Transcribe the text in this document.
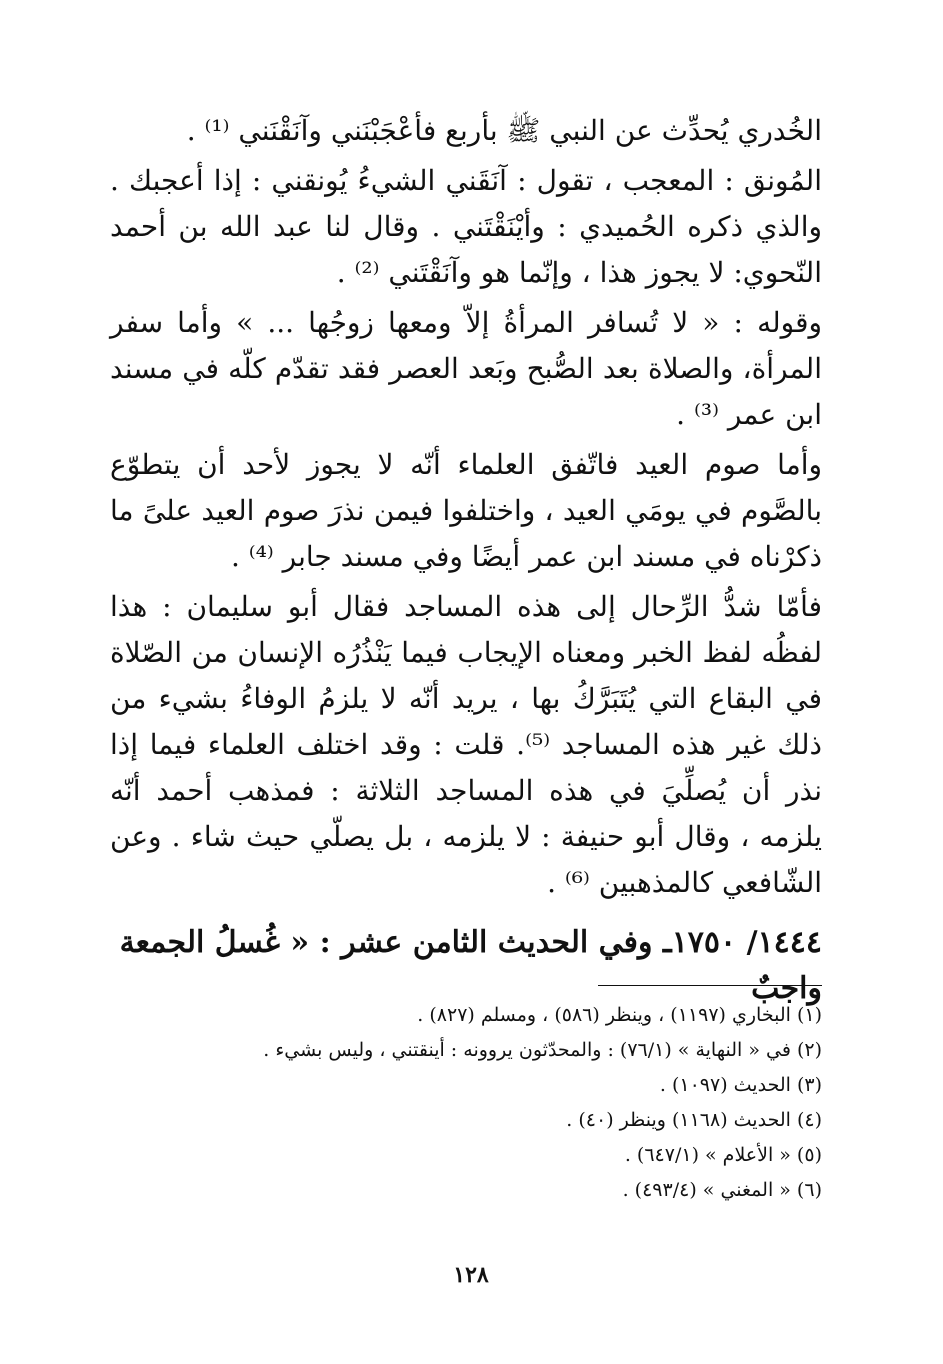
الخُدري يُحدِّث عن النبي ﷺ بأربع فأعْجَبْنَني وآنَقْنَني ⁽¹⁾ .

المُونق : المعجب ، تقول : آنَقَني الشيءُ يُونقني : إذا أعجبك . والذي ذكره الحُميدي : وأيْنَقْتَني . وقال لنا عبد الله بن أحمد النّحوي: لا يجوز هذا ، وإنّما هو وآنَقْتَني ⁽²⁾ .

وقوله : « لا تُسافر المرأةُ إلاّ ومعها زوجُها ... » وأما سفر المرأة، والصلاة بعد الصُّبح وبَعد العصر فقد تقدّم كلّه في مسند ابن عمر ⁽³⁾ .

وأما صوم العيد فاتّفق العلماء أنّه لا يجوز لأحد أن يتطوّع بالصَّوم في يومَي العيد ، واختلفوا فيمن نذرَ صوم العيد علىً ما ذكرْناه في مسند ابن عمر أيضًا وفي مسند جابر ⁽⁴⁾ .

فأمّا شدُّ الرِّحال إلى هذه المساجد فقال أبو سليمان : هذا لفظُه لفظ الخبر ومعناه الإيجاب فيما يَنْذُرُه الإنسان من الصّلاة في البقاع التي يُتَبَرَّكُ بها ، يريد أنّه لا يلزمُ الوفاءُ بشيء من ذلك غير هذه المساجد ⁽⁵⁾. قلت : وقد اختلف العلماء فيما إذا نذر أن يُصلِّيَ في هذه المساجد الثلاثة : فمذهب أحمد أنّه يلزمه ، وقال أبو حنيفة : لا يلزمه ، بل يصلّي حيث شاء . وعن الشّافعي كالمذهبين ⁽⁶⁾ .

١٤٤٤/ ١٧٥٠ـ وفي الحديث الثامن عشر : « غُسلُ الجمعة واجبٌ

(١) البخاري (١١٩٧) ، وينظر (٥٨٦) ، ومسلم (٨٢٧) .

(٢) في « النهاية » (٧٦/١) : والمحدّثون يروونه : أينقتني ، وليس بشيء .

(٣) الحديث (١٠٩٧) .

(٤) الحديث (١١٦٨) وينظر (٤٠) .

(٥) « الأعلام » (٦٤٧/١) .

(٦) « المغني » (٤٩٣/٤) .

١٢٨
